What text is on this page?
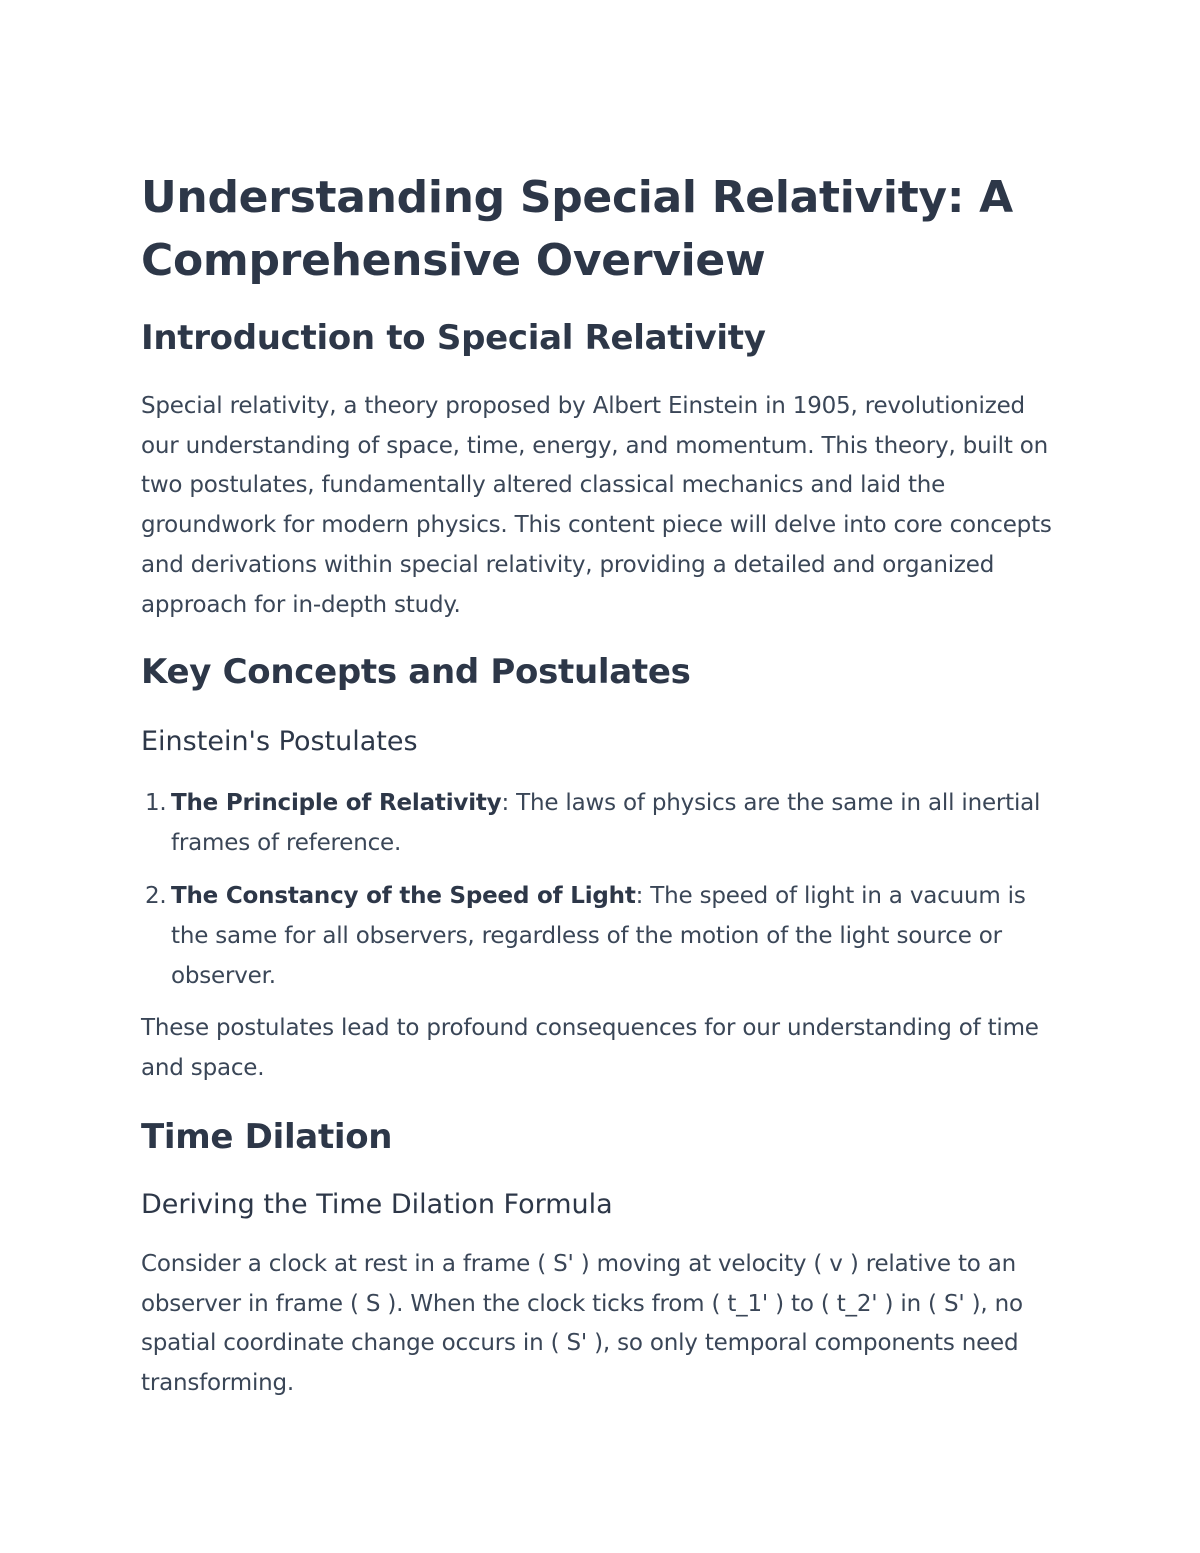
Understanding Special Relativity: A Comprehensive Overview
Introduction to Special Relativity

Special relativity, a theory proposed by Albert Einstein in 1905, revolutionized our understanding of space, time, energy, and momentum. This theory, built on two postulates, fundamentally altered classical mechanics and laid the groundwork for modern physics. This content piece will delve into core concepts and derivations within special relativity, providing a detailed and organized approach for in-depth study.

Key Concepts and Postulates
Einstein's Postulates
1. The Principle of Relativity: The laws of physics are the same in all inertial frames of reference.
2. The Constancy of the Speed of Light: The speed of light in a vacuum is the same for all observers, regardless of the motion of the light source or observer.

These postulates lead to profound consequences for our understanding of time and space.

Time Dilation
Deriving the Time Dilation Formula

Consider a clock at rest in a frame ( S' ) moving at velocity ( v ) relative to an observer in frame ( S ). When the clock ticks from ( t_1' ) to ( t_2' ) in ( S' ), no spatial coordinate change occurs in ( S' ), so only temporal components need transforming.
